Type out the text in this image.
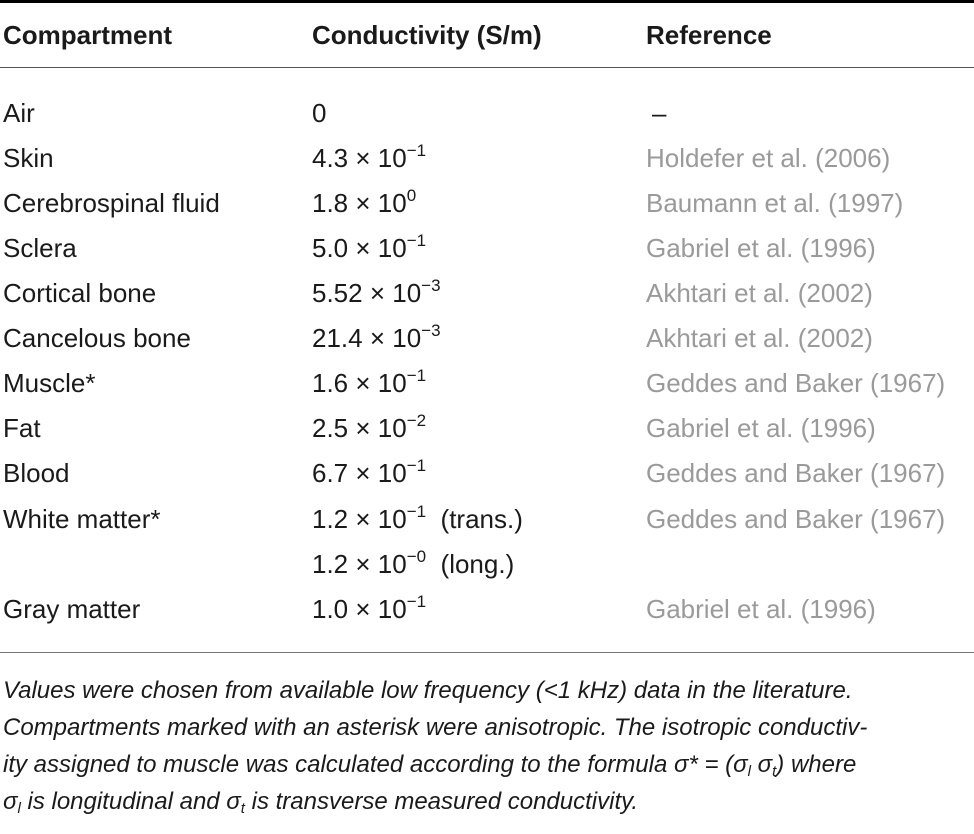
Compartment	Conductivity (S/m)	Reference
Air	0	–
Skin	$4.3 \times 10^{-1}$	Holdefer et al. (2006)
Cerebrospinal fluid	$1.8 \times 10^0$	Baumann et al. (1997)
Sclera	$5.0 \times 10^{-1}$	Gabriel et al. (1996)
Cortical bone	$5.52 \times 10^{-3}$	Akhtari et al. (2002)
Cancelous bone	$21.4 \times 10^{-3}$	Akhtari et al. (2002)
Muscle*	$1.6 \times 10^{-1}$	Geddes and Baker (1967)
Fat	$2.5 \times 10^{-2}$	Gabriel et al. (1996)
Blood	$6.7 \times 10^{-1}$	Geddes and Baker (1967)
White matter*	$1.2 \times 10^{-1}$  (trans.)	Geddes and Baker (1967)
$1.2 \times 10^{-0}$  (long.)
Gray matter	$1.0 \times 10^{-1}$	Gabriel et al. (1996)

Values were chosen from available low frequency (<1 kHz) data in the literature.

Compartments marked with an asterisk were anisotropic. The isotropic conductiv-

ity assigned to muscle was calculated according to the formula $\sigma* = (\sigma_l$ $\sigma_t$) where

$\sigma_l$ is longitudinal and $\sigma_t$ is transverse measured conductivity.
